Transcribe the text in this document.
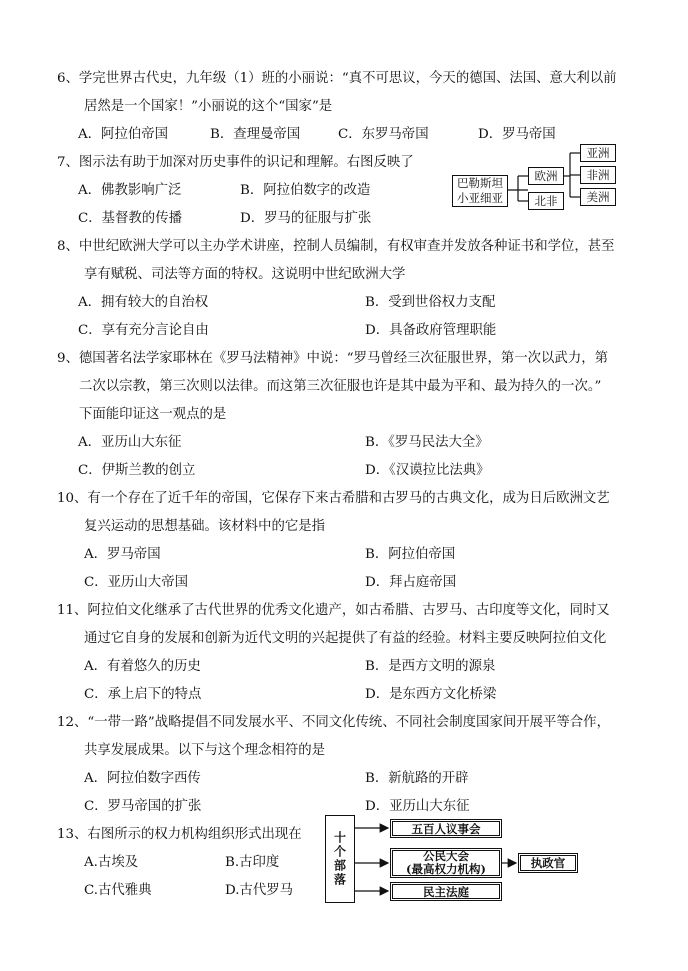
6、学完世界古代史，九年级（1）班的小丽说：“真不可思议，今天的德国、法国、意大利以前
居然是一个国家！”小丽说的这个“国家”是
A．阿拉伯帝国	B．查理曼帝国	C．东罗马帝国	D．罗马帝国
7、图示法有助于加深对历史事件的识记和理解。右图反映了
A．佛教影响广泛	B．阿拉伯数字的改造
C．基督教的传播	D．罗马的征服与扩张
巴勒斯坦
小亚细亚
欧洲
北非
亚洲
非洲
美洲
8、中世纪欧洲大学可以主办学术讲座，控制人员编制，有权审查并发放各种证书和学位，甚至
享有赋税、司法等方面的特权。这说明中世纪欧洲大学
A．拥有较大的自治权	B．受到世俗权力支配
C．享有充分言论自由	D．具备政府管理职能
9、德国著名法学家耶林在《罗马法精神》中说：“罗马曾经三次征服世界，第一次以武力，第
二次以宗教，第三次则以法律。而这第三次征服也许是其中最为平和、最为持久的一次。”
下面能印证这一观点的是
A．亚历山大东征	B．《罗马民法大全》
C．伊斯兰教的创立	D．《汉谟拉比法典》
10、有一个存在了近千年的帝国，它保存下来古希腊和古罗马的古典文化，成为日后欧洲文艺
复兴运动的思想基础。该材料中的它是指
A．罗马帝国	B．阿拉伯帝国
C．亚历山大帝国	D．拜占庭帝国
11、阿拉伯文化继承了古代世界的优秀文化遗产，如古希腊、古罗马、古印度等文化，同时又
通过它自身的发展和创新为近代文明的兴起提供了有益的经验。材料主要反映阿拉伯文化
A．有着悠久的历史	B．是西方文明的源泉
C．承上启下的特点	D．是东西方文化桥梁
12、“一带一路”战略提倡不同发展水平、不同文化传统、不同社会制度国家间开展平等合作，
共享发展成果。以下与这个理念相符的是
A．阿拉伯数字西传	B．新航路的开辟
C．罗马帝国的扩张	D．亚历山大东征
13、右图所示的权力机构组织形式出现在
A.古埃及	B.古印度
C.古代雅典	D.古代罗马
十个部落
五百人议事会
公民大会
(最高权力机构)
民主法庭
执政官
